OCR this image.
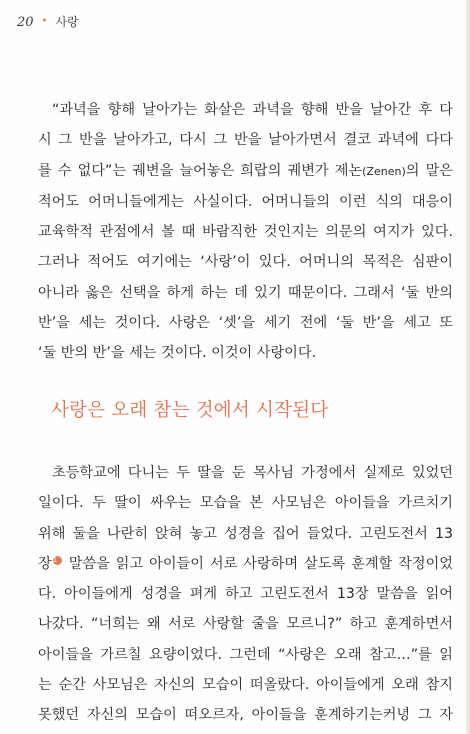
20 • 사랑

“과녁을 향해 날아가는 화살은 과녁을 향해 반을 날아간 후 다
시 그 반을 날아가고, 다시 그 반을 날아가면서 결코 과녁에 다다
를 수 없다”는 궤변을 늘어놓은 희랍의 궤변가 제논(Zenen)의 말은
적어도 어머니들에게는 사실이다. 어머니들의 이런 식의 대응이
교육학적 관점에서 볼 때 바람직한 것인지는 의문의 여지가 있다.
그러나 적어도 여기에는 ‘사랑’이 있다. 어머니의 목적은 심판이
아니라 옳은 선택을 하게 하는 데 있기 때문이다. 그래서 ‘둘 반의
반’을 세는 것이다. 사랑은 ‘셋’을 세기 전에 ‘둘 반’을 세고 또
‘둘 반의 반’을 세는 것이다. 이것이 사랑이다.

사랑은 오래 참는 것에서 시작된다

초등학교에 다니는 두 딸을 둔 목사님 가정에서 실제로 있었던
일이다. 두 딸이 싸우는 모습을 본 사모님은 아이들을 가르치기
위해 둘을 나란히 앉혀 놓고 성경을 집어 들었다. 고린도전서 13
장1 말씀을 읽고 아이들이 서로 사랑하며 살도록 훈계할 작정이었
다. 아이들에게 성경을 펴게 하고 고린도전서 13장 말씀을 읽어
나갔다. “너희는 왜 서로 사랑할 줄을 모르니?” 하고 훈계하면서
아이들을 가르칠 요량이었다. 그런데 “사랑은 오래 참고…”를 읽
는 순간 사모님은 자신의 모습이 떠올랐다. 아이들에게 오래 참지
못했던 자신의 모습이 떠오르자, 아이들을 훈계하기는커녕 그 자
